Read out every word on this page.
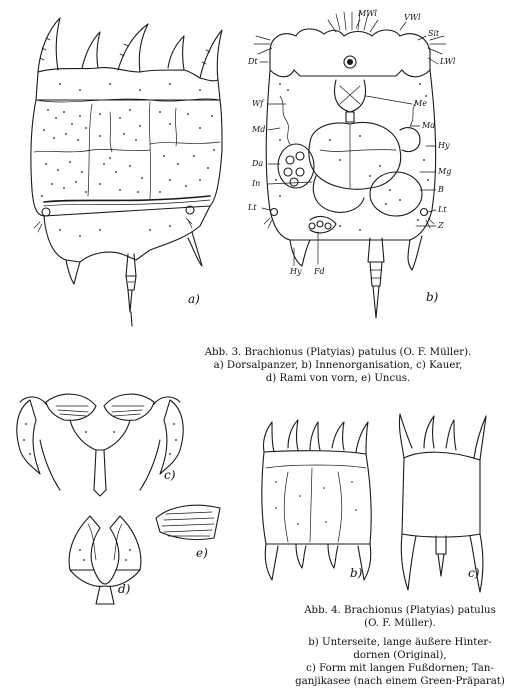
a)
MWl	VWl
Sit
LWl
Dt
Wf
Md
Me
Md
Hy
Da
Mg
In
B
Lt	Lt
Z
Hy Fd
b)
Abb. 3. Brachionus (Platyias) patulus (O. F. Müller).
a) Dorsalpanzer, b) Innenorganisation, c) Kauer,
d) Rami von vorn, e) Uncus.
c)
d)
e)
b)	c)
Abb. 4. Brachionus (Platyias) patulus
(O. F. Müller).
b) Unterseite, lange äußere Hinter-
dornen (Original),
c) Form mit langen Fußdornen; Tan-
ganjikasee (nach einem Green-Präparat)
